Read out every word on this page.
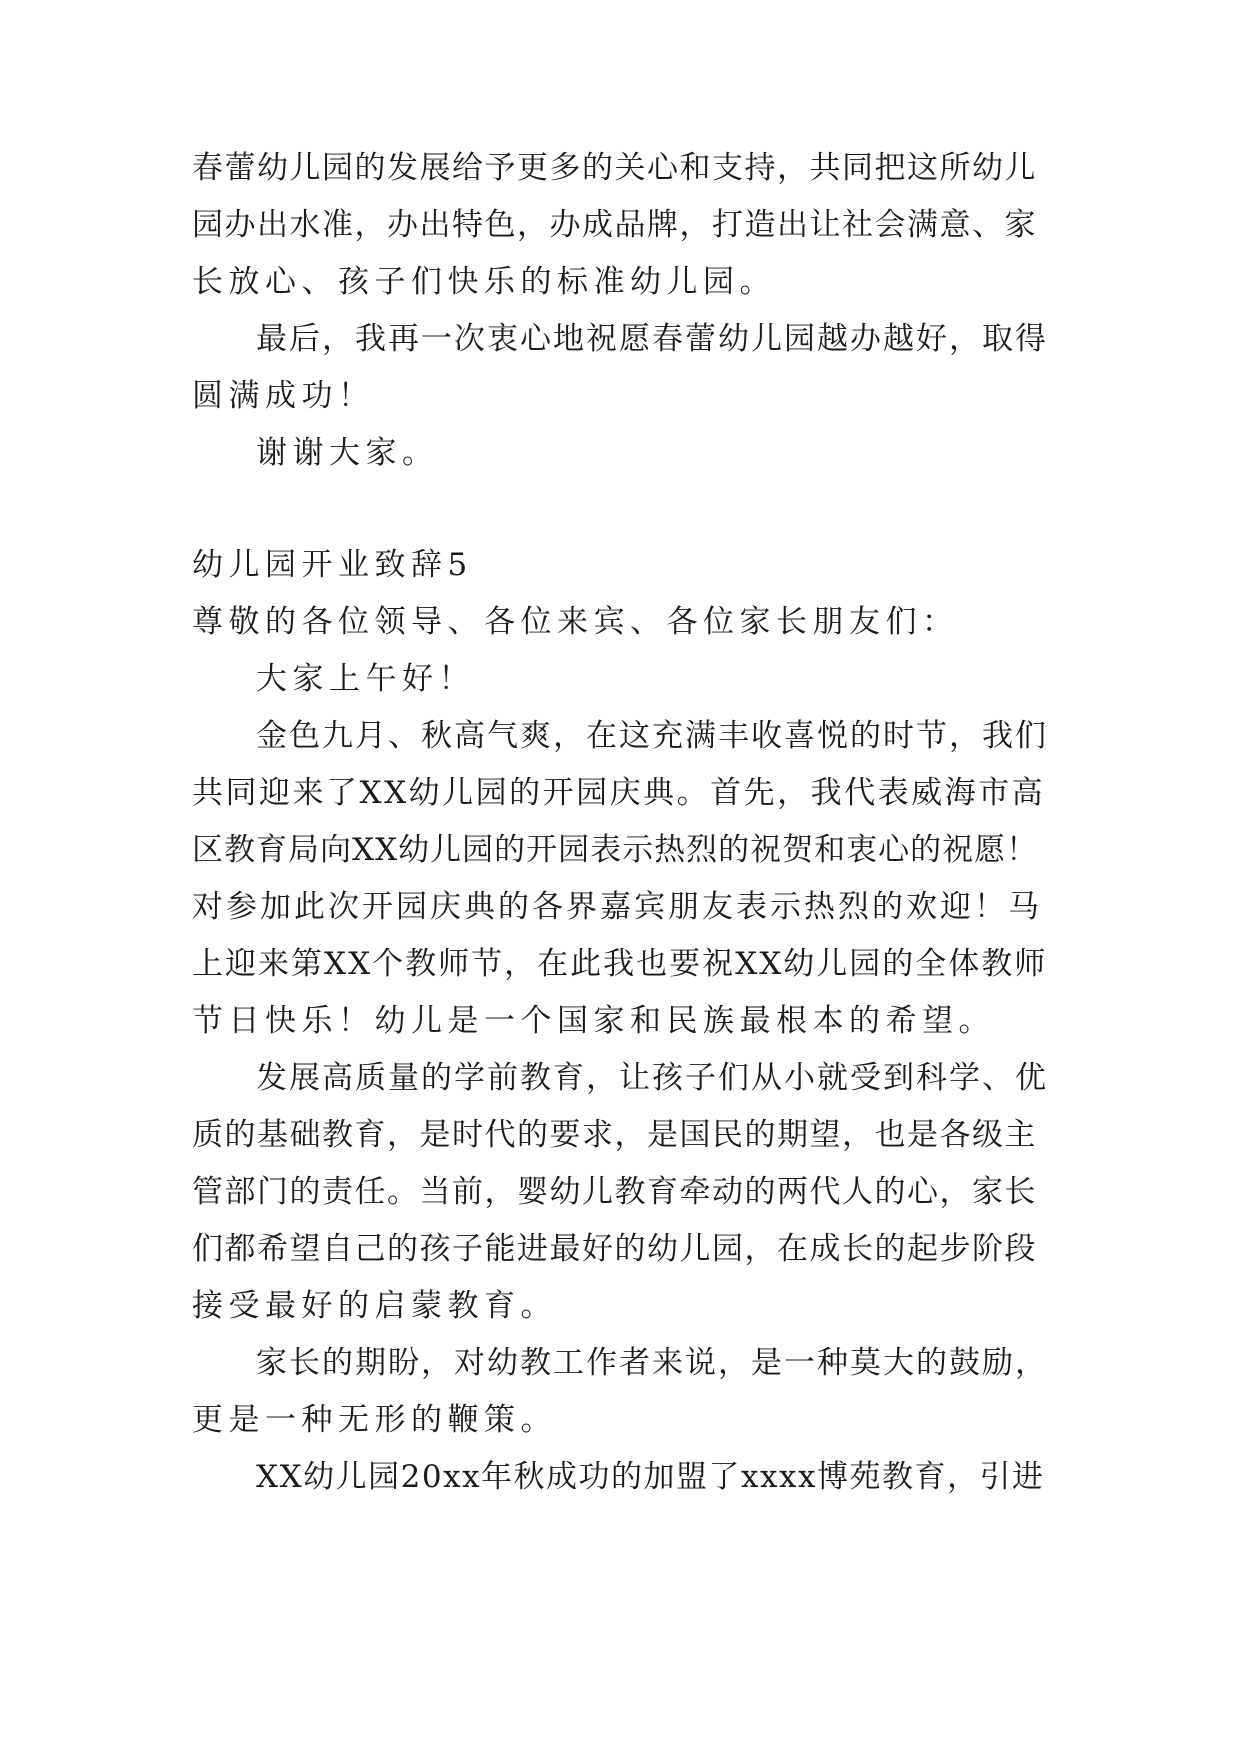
春蕾幼儿园的发展给予更多的关心和支持，共同把这所幼儿
园办出水准，办出特色，办成品牌，打造出让社会满意、家
长放心、孩子们快乐的标准幼儿园。
最后，我再一次衷心地祝愿春蕾幼儿园越办越好，取得
圆满成功！
谢谢大家。
幼儿园开业致辞5
尊敬的各位领导、各位来宾、各位家长朋友们：
大家上午好！
金色九月、秋高气爽，在这充满丰收喜悦的时节，我们
共同迎来了XX幼儿园的开园庆典。首先，我代表威海市高
区教育局向XX幼儿园的开园表示热烈的祝贺和衷心的祝愿！
对参加此次开园庆典的各界嘉宾朋友表示热烈的欢迎！马
上迎来第XX个教师节，在此我也要祝XX幼儿园的全体教师
节日快乐！幼儿是一个国家和民族最根本的希望。
发展高质量的学前教育，让孩子们从小就受到科学、优
质的基础教育，是时代的要求，是国民的期望，也是各级主
管部门的责任。当前，婴幼儿教育牵动的两代人的心，家长
们都希望自己的孩子能进最好的幼儿园，在成长的起步阶段
接受最好的启蒙教育。
家长的期盼，对幼教工作者来说，是一种莫大的鼓励，
更是一种无形的鞭策。
XX幼儿园20xx年秋成功的加盟了xxxx博苑教育，引进
